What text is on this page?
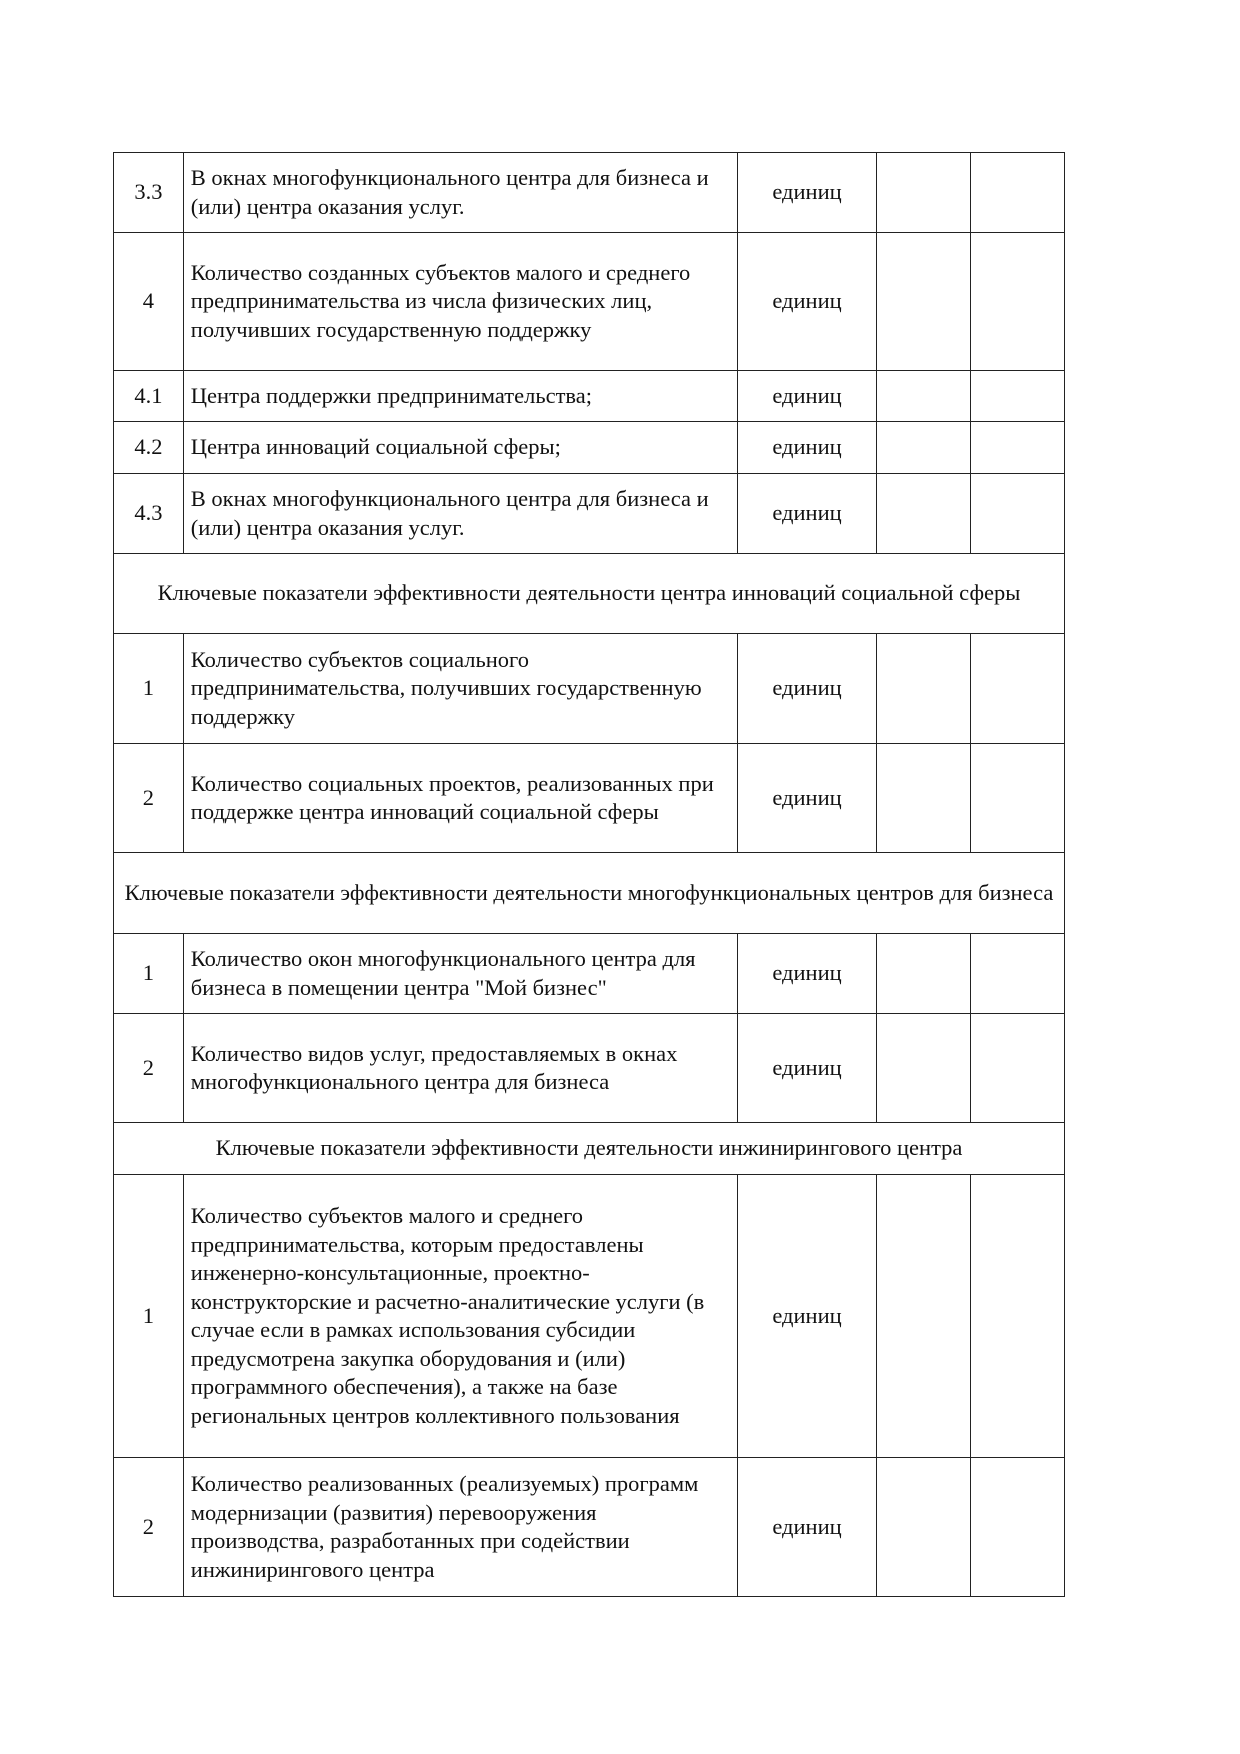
3.3	В окнах многофункционального центра для бизнеса и (или) центра оказания услуг.	единиц		
4	Количество созданных субъектов малого и среднего предпринимательства из числа физических лиц, получивших государственную поддержку	единиц		
4.1	Центра поддержки предпринимательства;	единиц		
4.2	Центра инноваций социальной сферы;	единиц		
4.3	В окнах многофункционального центра для бизнеса и (или) центра оказания услуг.	единиц		
Ключевые показатели эффективности деятельности центра инноваций социальной сферы				
1	Количество субъектов социального предпринимательства, получивших государственную поддержку	единиц		
2	Количество социальных проектов, реализованных при поддержке центра инноваций социальной сферы	единиц		
Ключевые показатели эффективности деятельности многофункциональных центров для бизнеса				
1	Количество окон многофункционального центра для бизнеса в помещении центра "Мой бизнес"	единиц		
2	Количество видов услуг, предоставляемых в окнах многофункционального центра для бизнеса	единиц		
Ключевые показатели эффективности деятельности инжинирингового центра				
1	Количество субъектов малого и среднего предпринимательства, которым предоставлены инженерно-консультационные, проектно-конструкторские и расчетно-аналитические услуги (в случае если в рамках использования субсидии предусмотрена закупка оборудования и (или) программного обеспечения), а также на базе региональных центров коллективного пользования	единиц		
2	Количество реализованных (реализуемых) программ модернизации (развития) перевооружения производства, разработанных при содействии инжинирингового центра	единиц		
